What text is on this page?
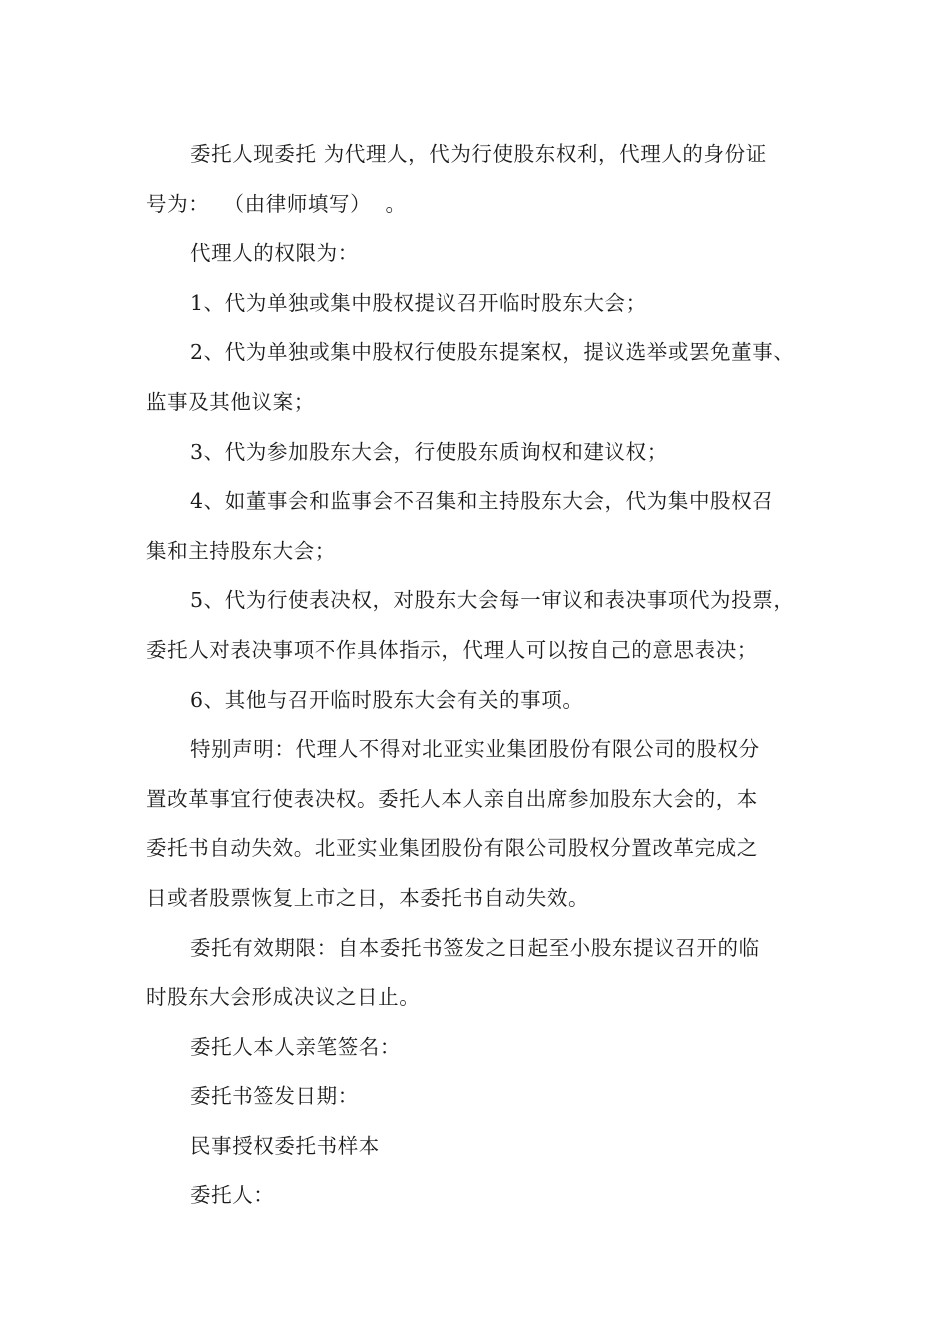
委托人现委托 为代理人，代为行使股东权利，代理人的身份证
号为：  （由律师填写）  。
代理人的权限为：
1、代为单独或集中股权提议召开临时股东大会；
2、代为单独或集中股权行使股东提案权，提议选举或罢免董事、
监事及其他议案；
3、代为参加股东大会，行使股东质询权和建议权；
4、如董事会和监事会不召集和主持股东大会，代为集中股权召
集和主持股东大会；
5、代为行使表决权，对股东大会每一审议和表决事项代为投票，
委托人对表决事项不作具体指示，代理人可以按自己的意思表决；
6、其他与召开临时股东大会有关的事项。
特别声明：代理人不得对北亚实业集团股份有限公司的股权分
置改革事宜行使表决权。委托人本人亲自出席参加股东大会的，本
委托书自动失效。北亚实业集团股份有限公司股权分置改革完成之
日或者股票恢复上市之日，本委托书自动失效。
委托有效期限：自本委托书签发之日起至小股东提议召开的临
时股东大会形成决议之日止。
委托人本人亲笔签名：
委托书签发日期：
民事授权委托书样本
委托人：
